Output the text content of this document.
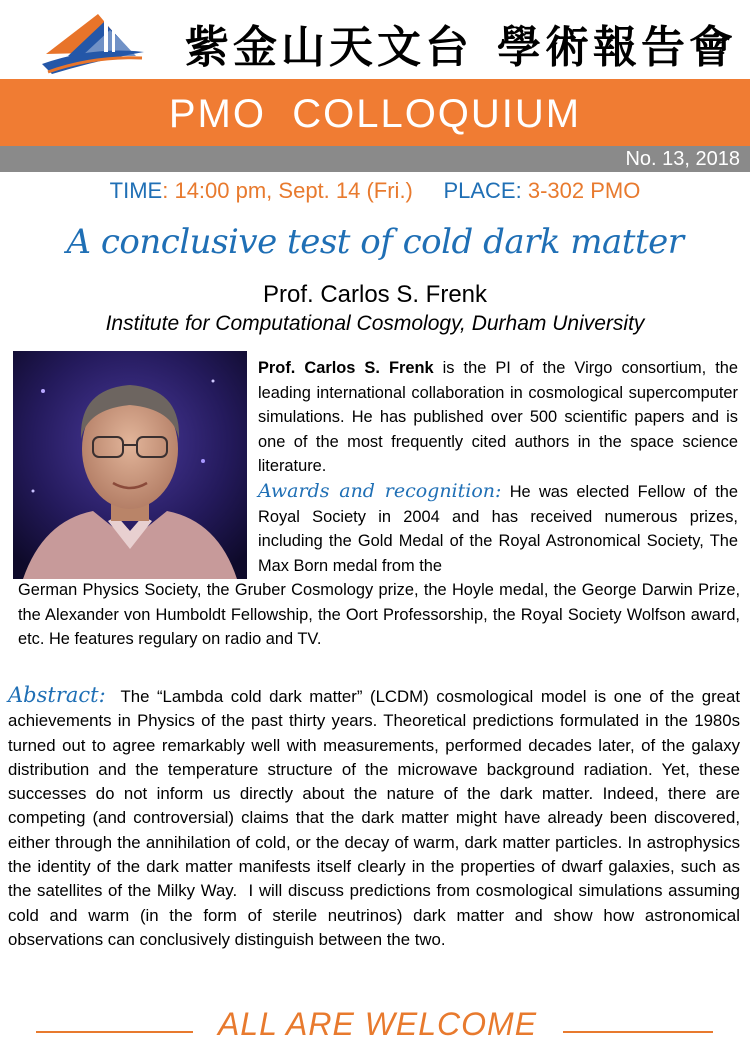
紫金山天文台 學術報告會
PMO  COLLOQUIUM
No. 13, 2018
TIME: 14:00 pm, Sept. 14 (Fri.) PLACE: 3-302 PMO
A conclusive test of cold dark matter
Prof. Carlos S. Frenk
Institute for Computational Cosmology, Durham University
Prof. Carlos S. Frenk is the PI of the Virgo consortium, the leading international collaboration in cosmological supercomputer simulations. He has published over 500 scientific papers and is one of the most frequently cited authors in the space science literature.
Awards and recognition: He was elected Fellow of the Royal Society in 2004 and has received numerous prizes, including the Gold Medal of the Royal Astronomical Society, The Max Born medal from the
German Physics Society, the Gruber Cosmology prize, the Hoyle medal, the George Darwin Prize, the Alexander von Humboldt Fellowship, the Oort Professorship, the Royal Society Wolfson award, etc. He features regulary on radio and TV.
Abstract:  The “Lambda cold dark matter” (LCDM) cosmological model is one of the great achievements in Physics of the past thirty years. Theoretical predictions formulated in the 1980s turned out to agree remarkably well with measurements, performed decades later, of the galaxy distribution and the temperature structure of the microwave background radiation. Yet, these successes do not inform us directly about the nature of the dark matter. Indeed, there are competing (and controversial) claims that the dark matter might have already been discovered, either through the annihilation of cold, or the decay of warm, dark matter particles. In astrophysics the identity of the dark matter manifests itself clearly in the properties of dwarf galaxies, such as the satellites of the Milky Way.  I will discuss predictions from cosmological simulations assuming cold and warm (in the form of sterile neutrinos) dark matter and show how astronomical observations can conclusively distinguish between the two.
ALL ARE WELCOME
